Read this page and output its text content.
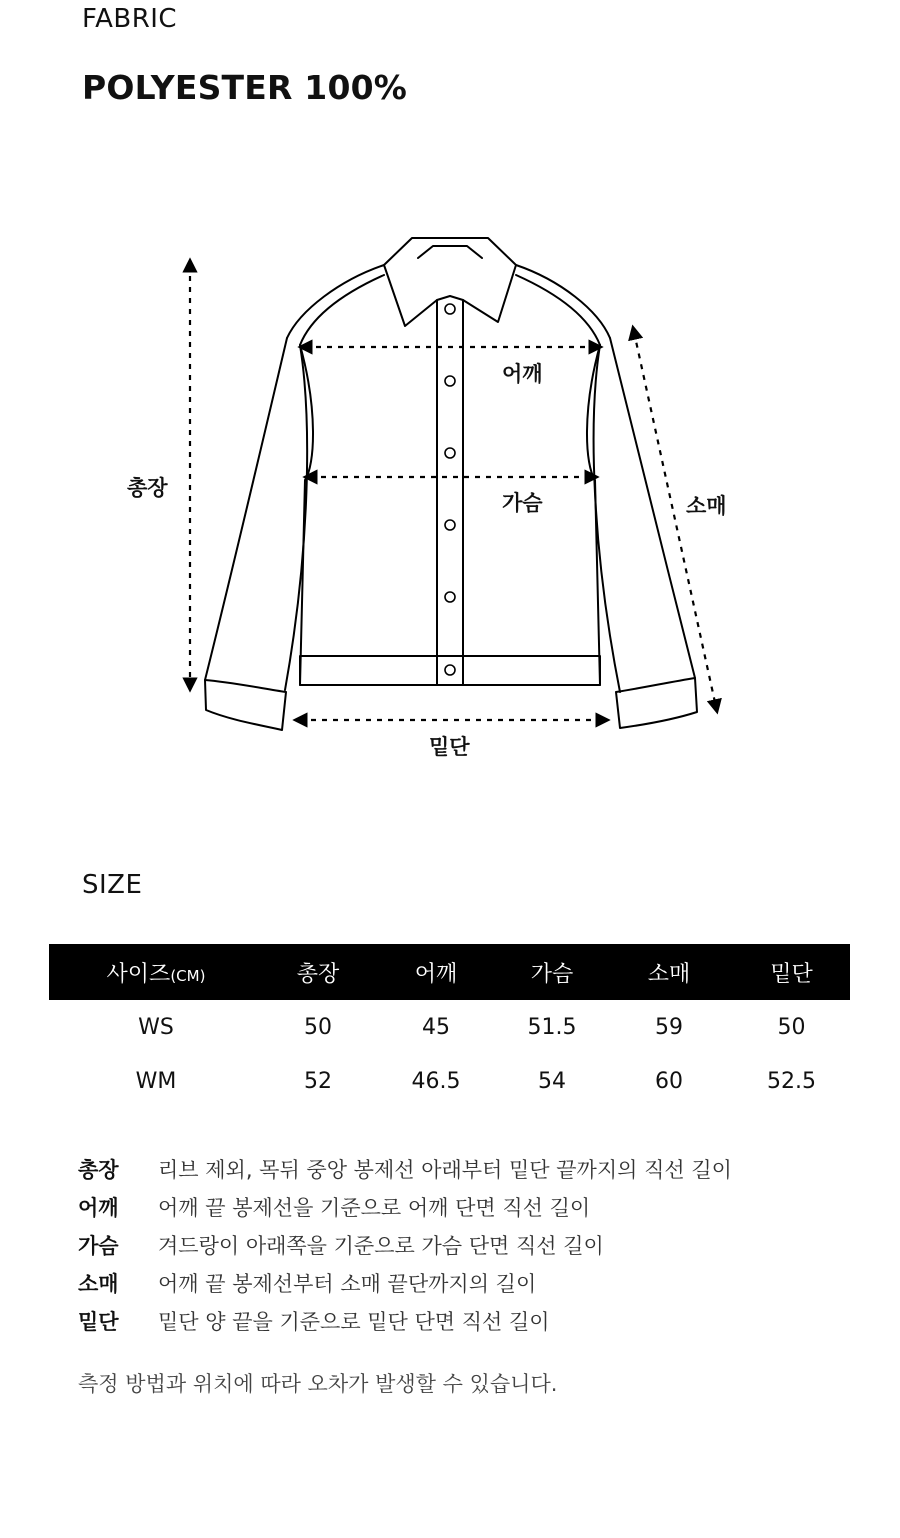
FABRIC
POLYESTER 100%
총장
어깨
가슴	소매
밑단
SIZE
사이즈(CM)	총장	어깨	가슴	소매	밑단
WS	50	45	51.5	59	50
WM	52	46.5	54	60	52.5
총장	리브 제외, 목뒤 중앙 봉제선 아래부터 밑단 끝까지의 직선 길이
어깨	어깨 끝 봉제선을 기준으로 어깨 단면 직선 길이
가슴	겨드랑이 아래쪽을 기준으로 가슴 단면 직선 길이
소매	어깨 끝 봉제선부터 소매 끝단까지의 길이
밑단	밑단 양 끝을 기준으로 밑단 단면 직선 길이
측정 방법과 위치에 따라 오차가 발생할 수 있습니다.
